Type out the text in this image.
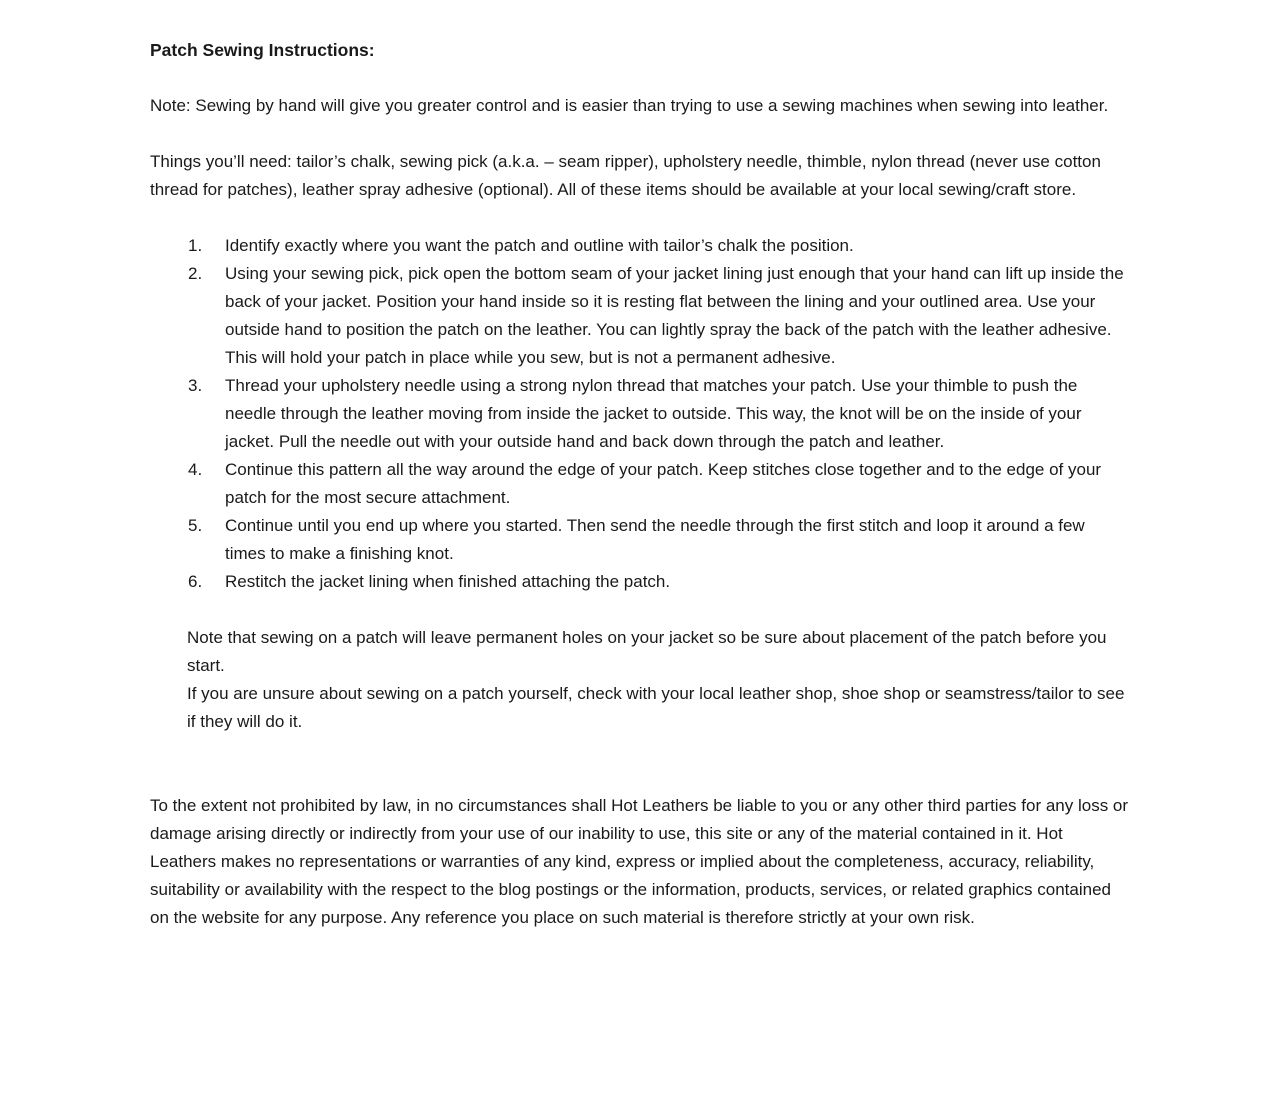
Patch Sewing Instructions:

Note: Sewing by hand will give you greater control and is easier than trying to use a sewing machines when sewing into leather.

Things you’ll need: tailor’s chalk, sewing pick (a.k.a. – seam ripper), upholstery needle, thimble, nylon thread (never use cotton thread for patches), leather spray adhesive (optional). All of these items should be available at your local sewing/craft store.

Identify exactly where you want the patch and outline with tailor’s chalk the position.
Using your sewing pick, pick open the bottom seam of your jacket lining just enough that your hand can lift up inside the back of your jacket. Position your hand inside so it is resting flat between the lining and your outlined area. Use your outside hand to position the patch on the leather. You can lightly spray the back of the patch with the leather adhesive. This will hold your patch in place while you sew, but is not a permanent adhesive.
Thread your upholstery needle using a strong nylon thread that matches your patch. Use your thimble to push the needle through the leather moving from inside the jacket to outside. This way, the knot will be on the inside of your jacket. Pull the needle out with your outside hand and back down through the patch and leather.
Continue this pattern all the way around the edge of your patch. Keep stitches close together and to the edge of your patch for the most secure attachment.
Continue until you end up where you started. Then send the needle through the first stitch and loop it around a few times to make a finishing knot.
Restitch the jacket lining when finished attaching the patch.

Note that sewing on a patch will leave permanent holes on your jacket so be sure about placement of the patch before you start.

If you are unsure about sewing on a patch yourself, check with your local leather shop, shoe shop or seamstress/tailor to see if they will do it.

To the extent not prohibited by law, in no circumstances shall Hot Leathers be liable to you or any other third parties for any loss or damage arising directly or indirectly from your use of our inability to use, this site or any of the material contained in it. Hot Leathers makes no representations or warranties of any kind, express or implied about the completeness, accuracy, reliability, suitability or availability with the respect to the blog postings or the information, products, services, or related graphics contained on the website for any purpose. Any reference you place on such material is therefore strictly at your own risk.
